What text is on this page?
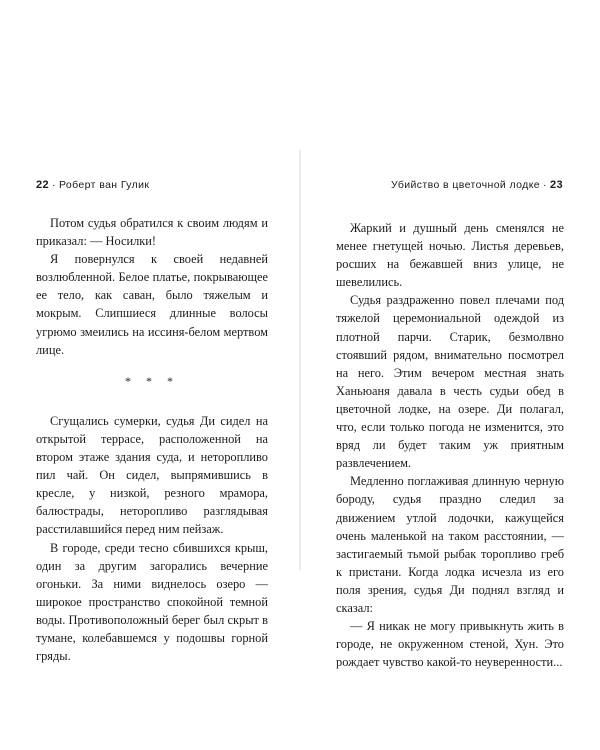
22 · Роберт ван Гулик

Потом судья обратился к своим людям и приказал: — Носилки!

Я повернулся к своей недавней возлюбленной. Белое платье, покрывающее ее тело, как саван, было тяжелым и мокрым. Слипшиеся длинные волосы угрюмо змеились на иссиня-белом мертвом лице.

* * *

Сгущались сумерки, судья Ди сидел на открытой террасе, расположенной на втором этаже здания суда, и неторопливо пил чай. Он сидел, выпрямившись в кресле, у низкой, резного мрамора, балюстрады, неторопливо разглядывая расстилавшийся перед ним пейзаж.

В городе, среди тесно сбившихся крыш, один за другим загорались вечерние огоньки. За ними виднелось озеро — широкое пространство спокойной темной воды. Противоположный берег был скрыт в тумане, колебавшемся у подошвы горной гряды.

Убийство в цветочной лодке · 23

Жаркий и душный день сменялся не менее гнетущей ночью. Листья деревьев, росших на бежавшей вниз улице, не шевелились.

Судья раздраженно повел плечами под тяжелой церемониальной одеждой из плотной парчи. Старик, безмолвно стоявший рядом, внимательно посмотрел на него. Этим вечером местная знать Ханьюаня давала в честь судьи обед в цветочной лодке, на озере. Ди полагал, что, если только погода не изменится, это вряд ли будет таким уж приятным развлечением.

Медленно поглаживая длинную черную бороду, судья праздно следил за движением утлой лодочки, кажущейся очень маленькой на таком расстоянии, — застигаемый тьмой рыбак торопливо греб к пристани. Когда лодка исчезла из его поля зрения, судья Ди поднял взгляд и сказал:

— Я никак не могу привыкнуть жить в городе, не окруженном стеной, Хун. Это рождает чувство какой-то неуверенности...
